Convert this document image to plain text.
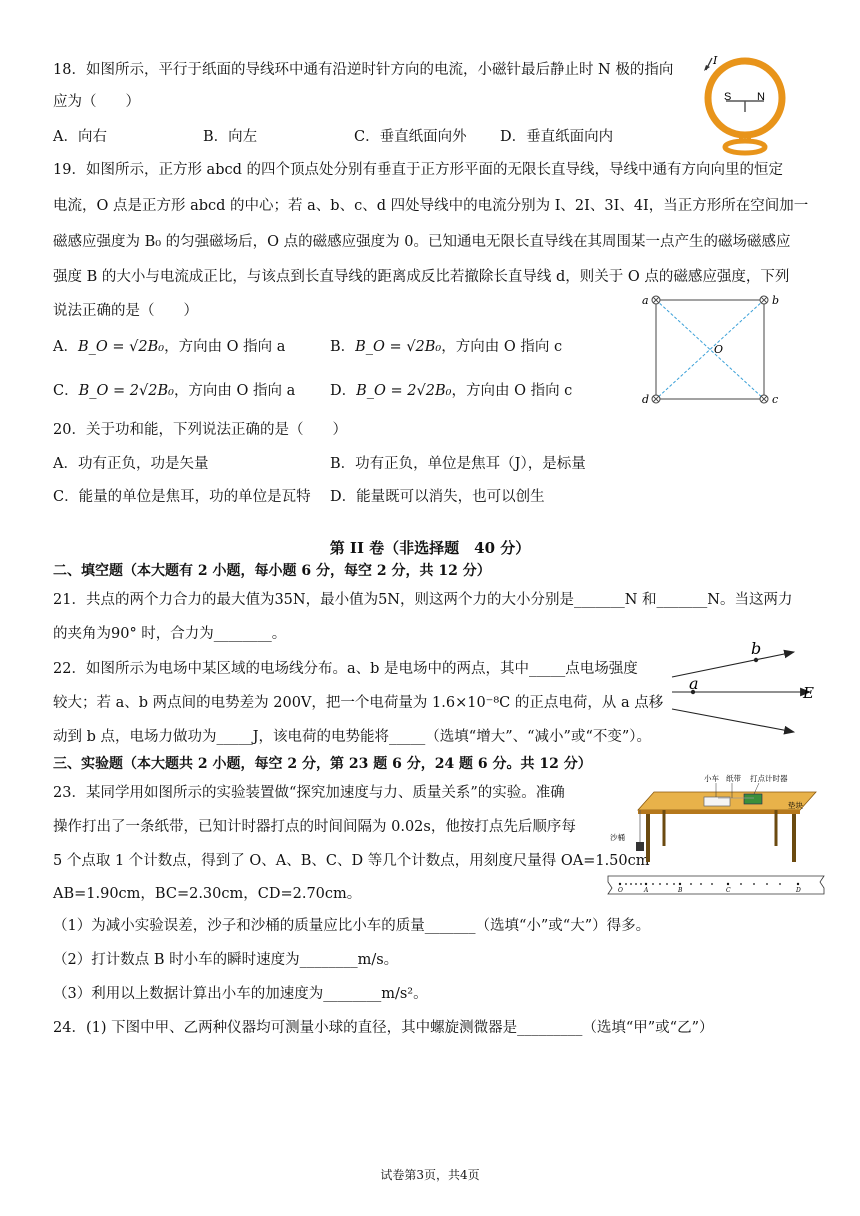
18．如图所示，平行于纸面的导线环中通有沿逆时针方向的电流，小磁针最后静止时 N 极的指向
应为（　　）
A．向右	B．向左	C．垂直纸面向外 D．垂直纸面向内
I
S N
19．如图所示，正方形 abcd 的四个顶点处分别有垂直于正方形平面的无限长直导线，导线中通有方向向里的恒定
电流，O 点是正方形 abcd 的中心；若 a、b、c、d 四处导线中的电流分别为 I、2I、3I、4I，当正方形所在空间加一
磁感应强度为 B₀ 的匀强磁场后，O 点的磁感应强度为 0。已知通电无限长直导线在其周围某一点产生的磁场磁感应
强度 B 的大小与电流成正比，与该点到长直导线的距离成反比若撤除长直导线 d，则关于 O 点的磁感应强度，下列
说法正确的是（　　）
A．B_O = √2B₀，方向由 O 指向 a	B．B_O = √2B₀，方向由 O 指向 c
C．B_O = 2√2B₀，方向由 O 指向 a D．B_O = 2√2B₀，方向由 O 指向 c
a	b
c
d
O
20．关于功和能，下列说法正确的是（　　）
A．功有正负，功是矢量	B．功有正负，单位是焦耳（J），是标量
C．能量的单位是焦耳，功的单位是瓦特 D．能量既可以消失，也可以创生
第 II 卷（非选择题　40 分）
二、填空题（本大题有 2 小题，每小题 6 分，每空 2 分，共 12 分）
21．共点的两个力合力的最大值为35N，最小值为5N，则这两个力的大小分别是_______N 和_______N。当这两力
的夹角为90° 时，合力为________。
22．如图所示为电场中某区域的电场线分布。a、b 是电场中的两点，其中_____点电场强度
较大；若 a、b 两点间的电势差为 200V，把一个电荷量为 1.6×10⁻⁸C 的正点电荷，从 a 点移
动到 b 点，电场力做功为_____J，该电荷的电势能将_____（选填“增大”、“减小”或“不变”）。
b
a	E
三、实验题（本大题共 2 小题，每空 2 分，第 23 题 6 分，24 题 6 分。共 12 分）
23．某同学用如图所示的实验装置做“探究加速度与力、质量关系”的实验。准确
操作打出了一条纸带，已知计时器打点的时间间隔为 0.02s，他按打点先后顺序每
5 个点取 1 个计数点，得到了 O、A、B、C、D 等几个计数点，用刻度尺量得 OA=1.50cm
AB=1.90cm，BC=2.30cm，CD=2.70cm。
（1）为减小实验误差，沙子和沙桶的质量应比小车的质量_______（选填“小”或“大”）得多。
（2）打计数点 B 时小车的瞬时速度为________m/s。
（3）利用以上数据计算出小车的加速度为________m/s²。
小车 纸带 打点计时器
垫块
沙桶
O	A	B	C	D
24．(1) 下图中甲、乙两种仪器均可测量小球的直径，其中螺旋测微器是_________（选填“甲”或“乙”）
试卷第3页，共4页
